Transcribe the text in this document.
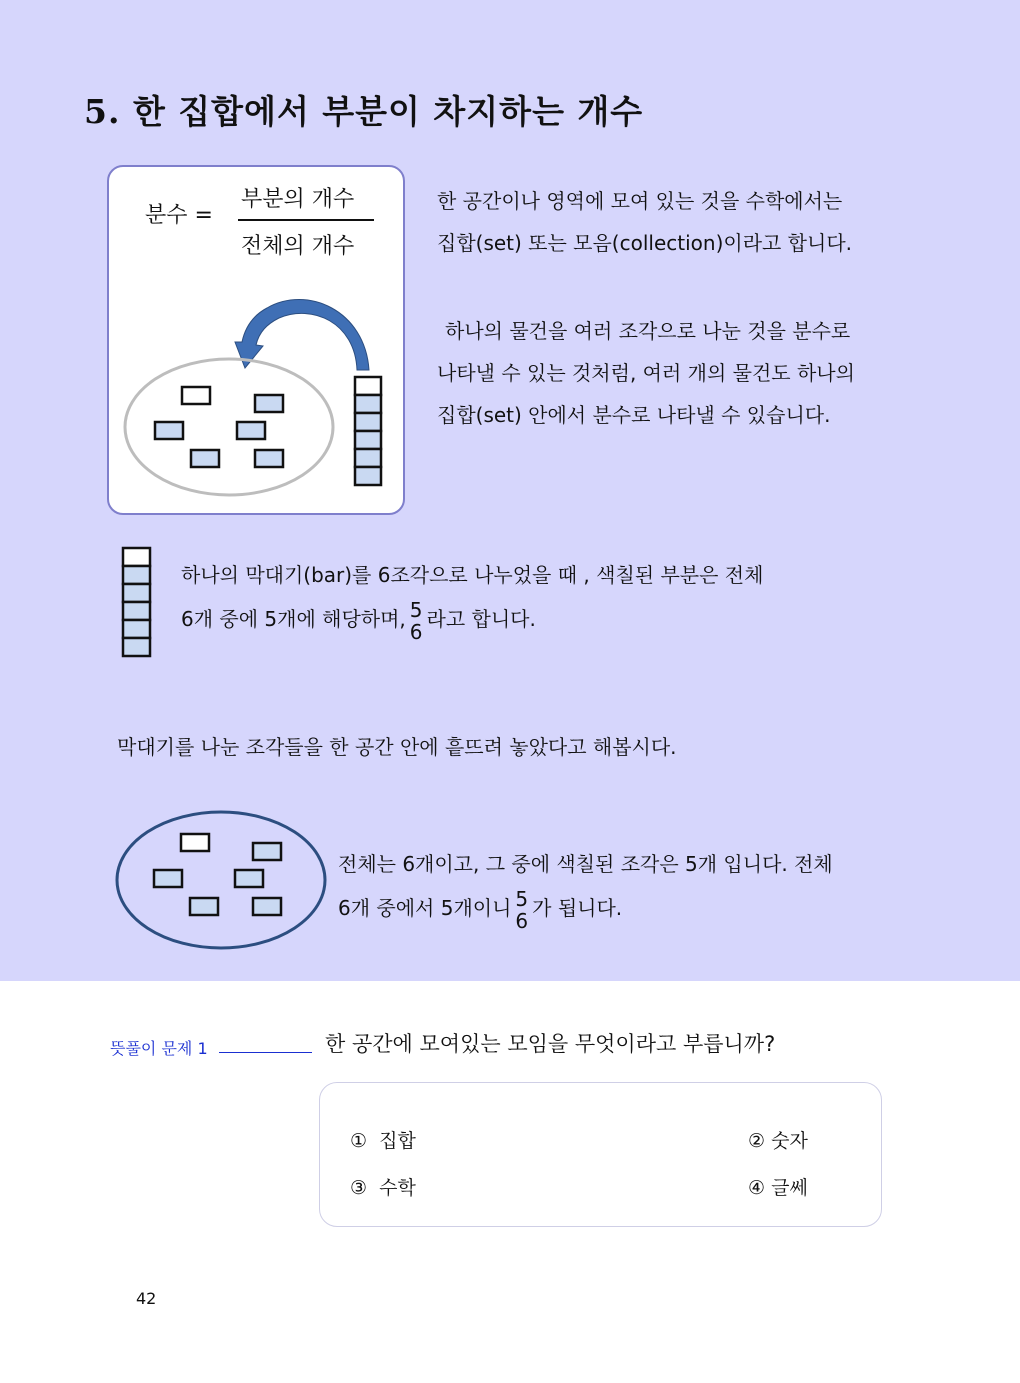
5. 한 집합에서 부분이 차지하는 개수
분수 =
부분의 개수
전체의 개수
한 공간이나 영역에 모여 있는 것을 수학에서는
집합(set) 또는 모음(collection)이라고 합니다.
하나의 물건을 여러 조각으로 나눈 것을 분수로
나타낼 수 있는 것처럼, 여러 개의 물건도 하나의
집합(set) 안에서 분수로 나타낼 수 있습니다.
하나의 막대기(bar)를 6조각으로 나누었을 때 , 색칠된 부분은 전체
6개 중에 5개에 해당하며, 5
6
라고 합니다.
막대기를 나눈 조각들을 한 공간 안에 흩뜨려 놓았다고 해봅시다.
전체는 6개이고, 그 중에 색칠된 조각은 5개 입니다. 전체
6개 중에서 5개이니 5
6
가 됩니다.
뜻풀이 문제 1	한 공간에 모여있는 모임을 무엇이라고 부릅니까?
① 집합	② 숫자
③ 수학	④ 글쎄
42
